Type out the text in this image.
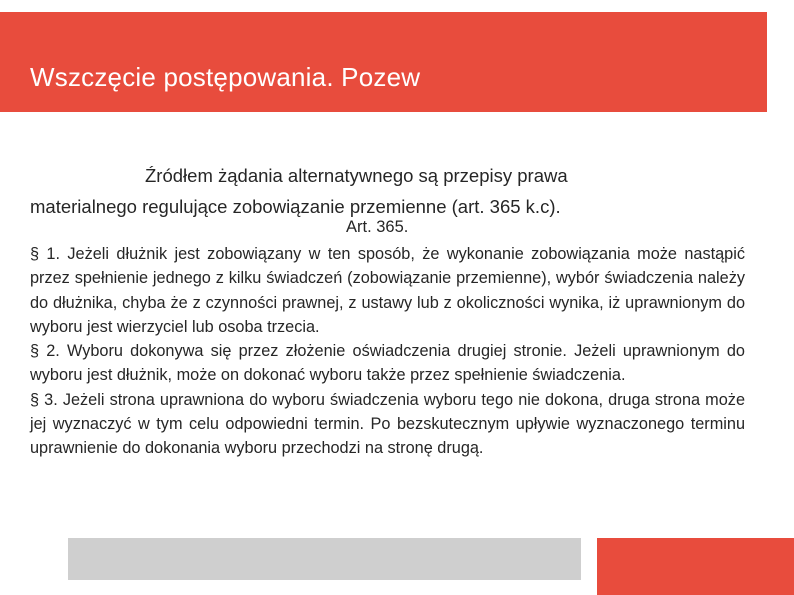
Wszczęcie postępowania. Pozew
Źródłem żądania alternatywnego są przepisy prawa
materialnego regulujące zobowiązanie przemienne (art. 365 k.c).
Art. 365.

§ 1. Jeżeli dłużnik jest zobowiązany w ten sposób, że wykonanie zobowiązania może nastąpić przez spełnienie jednego z kilku świadczeń (zobowiązanie przemienne), wybór świadczenia należy do dłużnika, chyba że z czynności prawnej, z ustawy lub z okoliczności wynika, iż uprawnionym do wyboru jest wierzyciel lub osoba trzecia.

§ 2. Wyboru dokonywa się przez złożenie oświadczenia drugiej stronie. Jeżeli uprawnionym do wyboru jest dłużnik, może on dokonać wyboru także przez spełnienie świadczenia.

§ 3. Jeżeli strona uprawniona do wyboru świadczenia wyboru tego nie dokona, druga strona może jej wyznaczyć w tym celu odpowiedni termin. Po bezskutecznym upływie wyznaczonego terminu uprawnienie do dokonania wyboru przechodzi na stronę drugą.
